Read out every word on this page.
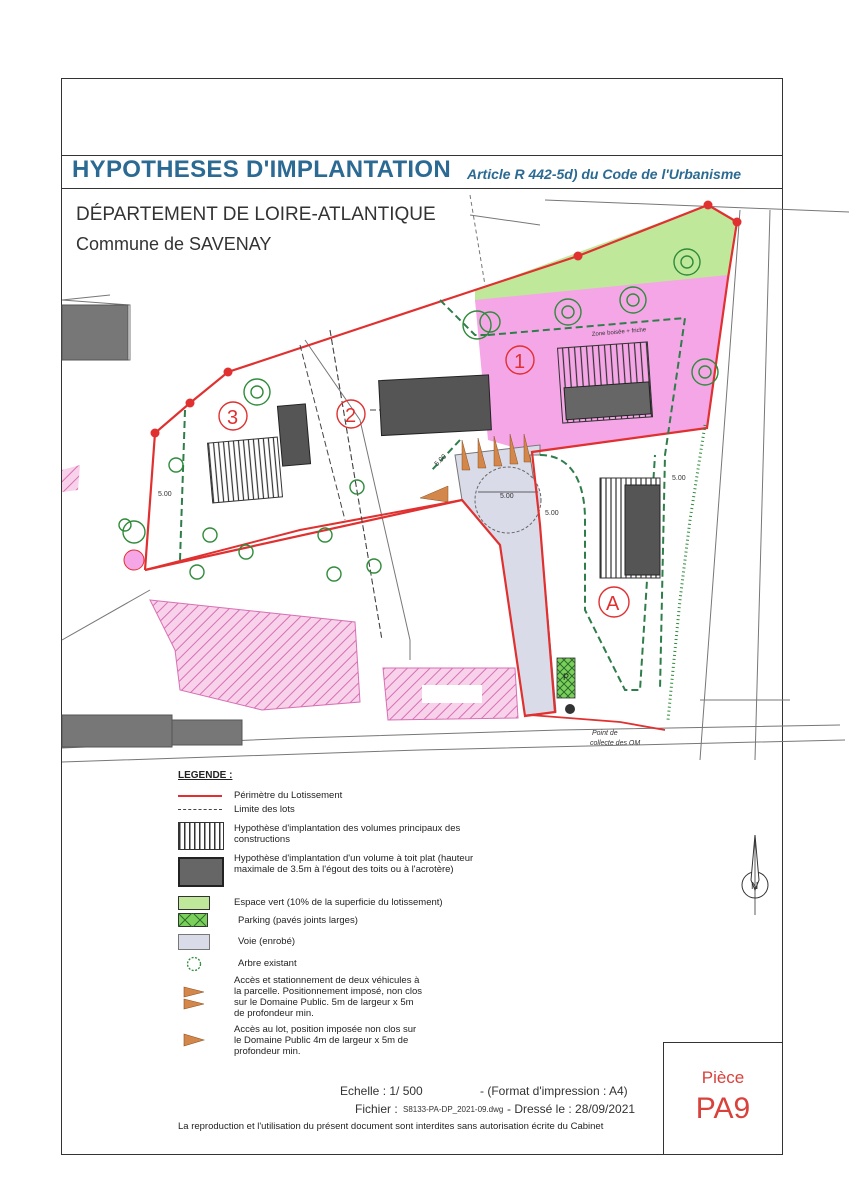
HYPOTHESES D'IMPLANTATION Article R 442-5d) du Code de l'Urbanisme
5.00
P
5.00
5.00
5.00
5.00
Zone boisée + friche
1
2
3
A
Point de
collecte des OM
N
DÉPARTEMENT DE LOIRE-ATLANTIQUE
Commune de SAVENAY
LEGENDE :
Périmètre du Lotissement
Limite des lots
Hypothèse d'implantation des volumes principaux des constructions
Hypothèse d'implantation d'un volume à toit plat (hauteur maximale de 3.5m à l'égout des toits ou à l'acrotère)
Espace vert (10% de la superficie du lotissement)
Parking (pavés joints larges)
Voie (enrobé)
Arbre existant
Accès et stationnement de deux véhicules à la parcelle. Positionnement imposé, non clos sur le Domaine Public. 5m de largeur x 5m de profondeur min.
Accès au lot, position imposée non clos sur le Domaine Public 4m de largeur x 5m de profondeur min.
Echelle : 1/ 500	- (Format d'impression : A4)
Fichier : S8133-PA-DP_2021-09.dwg - Dressé le : 28/09/2021
La reproduction et l'utilisation du présent document sont interdites sans autorisation écrite du Cabinet
Pièce
PA9
